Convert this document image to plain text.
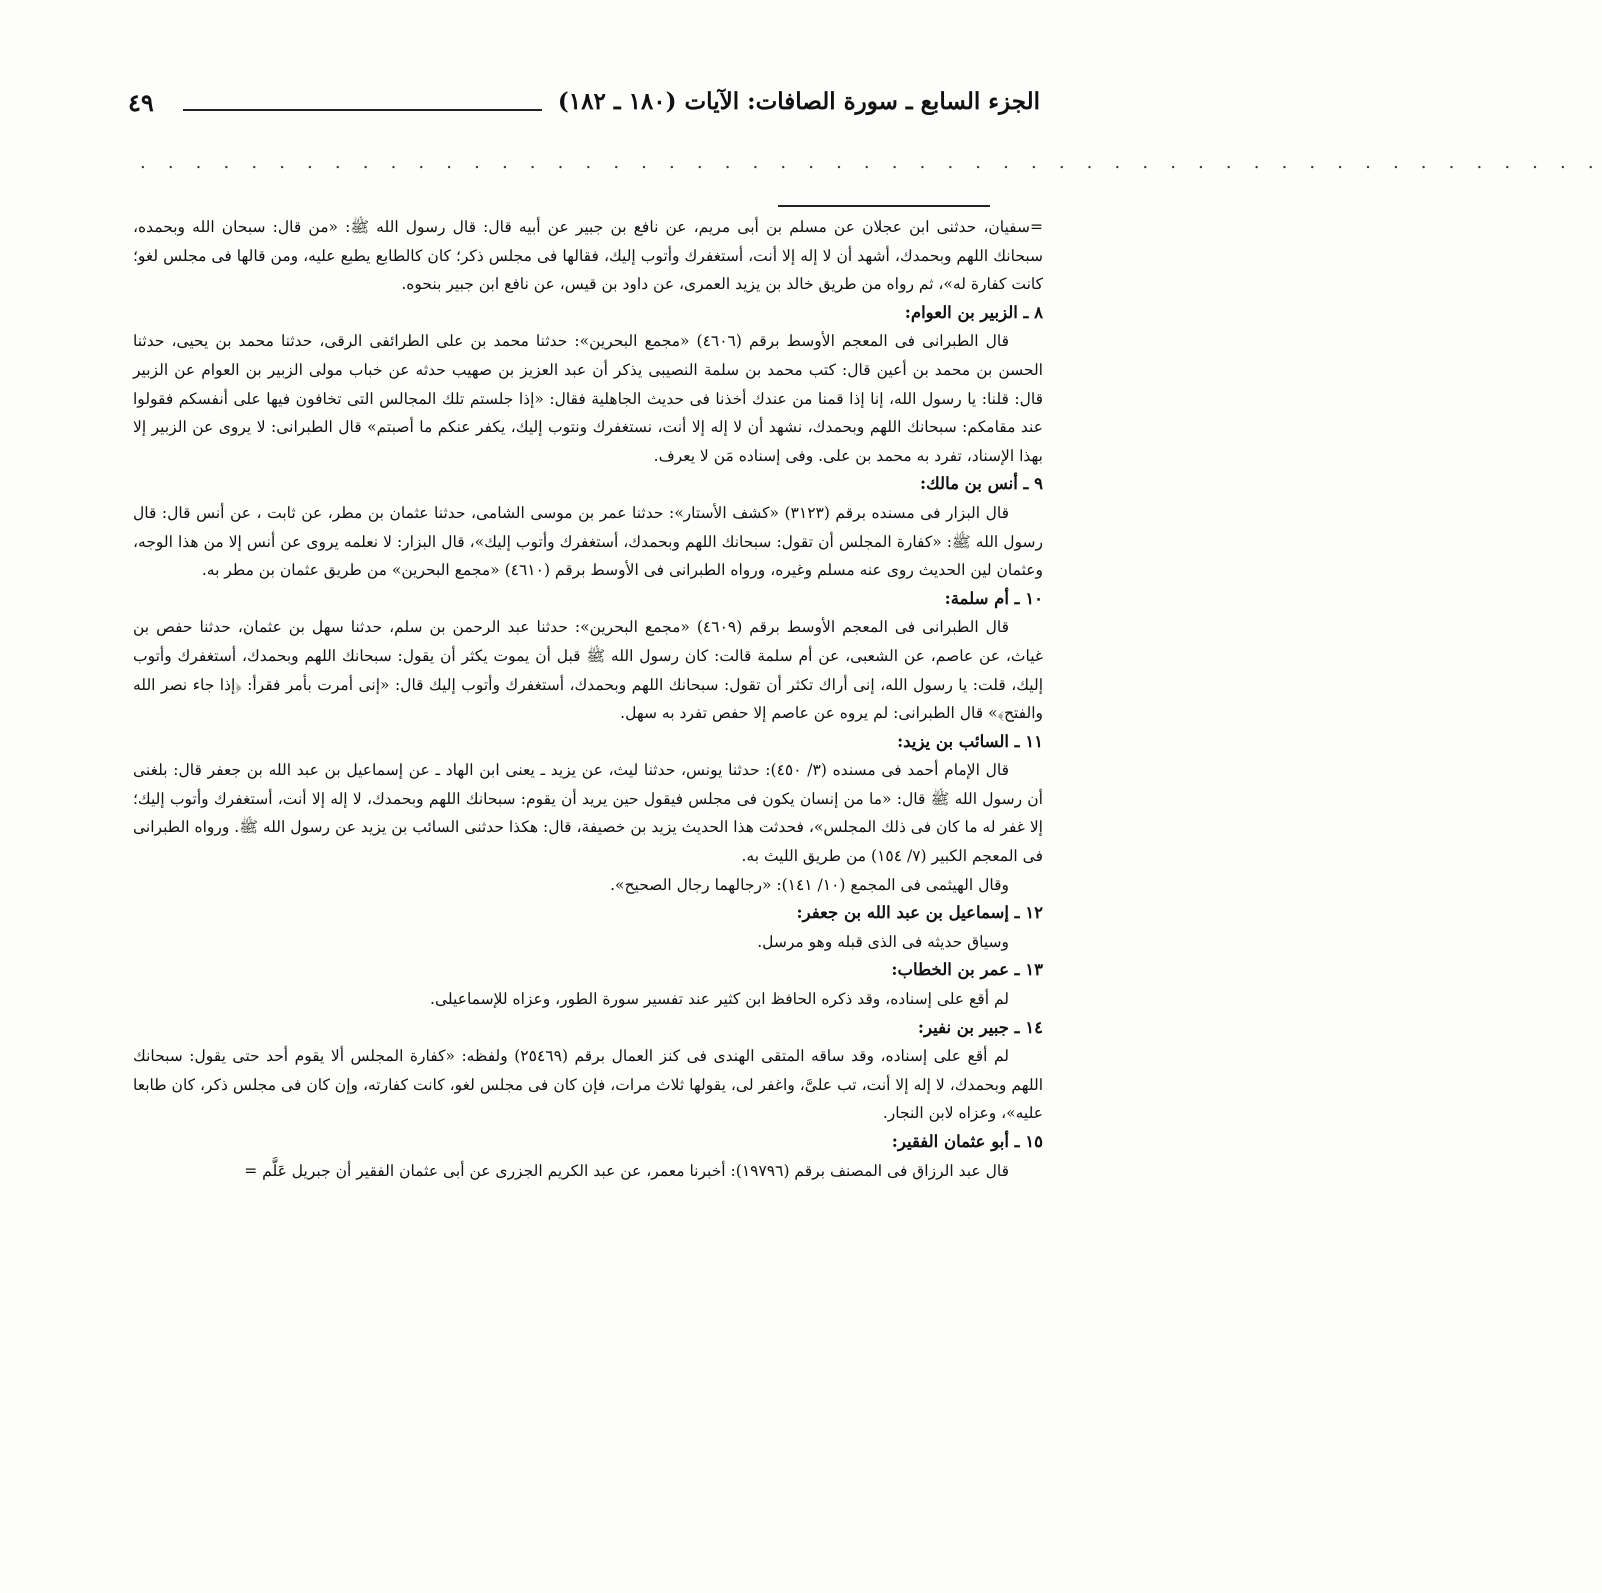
الجزء السابع ـ سورة الصافات: الآيات (١٨٠ ـ ١٨٢)
٤٩
. . . . . . . . . . . . . . . . . . . . . . . . . . . . . . . . . . . . . . . . . . . . . . . . . . . . .

=سفيان، حدثنى ابن عجلان عن مسلم بن أبى مريم، عن نافع بن جبير عن أبيه قال: قال رسول الله ﷺ: «من قال: سبحان الله وبحمده، سبحانك اللهم وبحمدك، أشهد أن لا إله إلا أنت، أستغفرك وأتوب إليك، فقالها فى مجلس ذكر؛ كان كالطابع يطبع عليه، ومن قالها فى مجلس لغو؛ كانت كفارة له»، ثم رواه من طريق خالد بن يزيد العمرى، عن داود بن قيس، عن نافع ابن جبير بنحوه.

٨ ـ الزبير بن العوام:

قال الطبرانى فى المعجم الأوسط برقم (٤٦٠٦) «مجمع البحرين»: حدثنا محمد بن على الطرائفى الرقى، حدثنا محمد بن يحيى، حدثنا الحسن بن محمد بن أعين قال: كتب محمد بن سلمة النصيبى يذكر أن عبد العزيز بن صهيب حدثه عن خباب مولى الزبير بن العوام عن الزبير قال: قلنا: يا رسول الله، إنا إذا قمنا من عندك أخذنا فى حديث الجاهلية فقال: «إذا جلستم تلك المجالس التى تخافون فيها على أنفسكم فقولوا عند مقامكم: سبحانك اللهم وبحمدك، نشهد أن لا إله إلا أنت، نستغفرك ونتوب إليك، يكفر عنكم ما أصبتم» قال الطبرانى: لا يروى عن الزبير إلا بهذا الإسناد، تفرد به محمد بن على. وفى إسناده مَن لا يعرف.

٩ ـ أنس بن مالك:

قال البزار فى مسنده برقم (٣١٢٣) «كشف الأستار»: حدثنا عمر بن موسى الشامى، حدثنا عثمان بن مطر، عن ثابت ، عن أنس قال: قال رسول الله ﷺ: «كفارة المجلس أن تقول: سبحانك اللهم وبحمدك، أستغفرك وأتوب إليك»، قال البزار: لا نعلمه يروى عن أنس إلا من هذا الوجه، وعثمان لين الحديث روى عنه مسلم وغيره، ورواه الطبرانى فى الأوسط برقم (٤٦١٠) «مجمع البحرين» من طريق عثمان بن مطر به.

١٠ ـ أم سلمة:

قال الطبرانى فى المعجم الأوسط برقم (٤٦٠٩) «مجمع البحرين»: حدثنا عبد الرحمن بن سلم، حدثنا سهل بن عثمان، حدثنا حفص بن غياث، عن عاصم، عن الشعبى، عن أم سلمة قالت: كان رسول الله ﷺ قبل أن يموت يكثر أن يقول: سبحانك اللهم وبحمدك، أستغفرك وأتوب إليك، قلت: يا رسول الله، إنى أراك تكثر أن تقول: سبحانك اللهم وبحمدك، أستغفرك وأتوب إليك قال: «إنى أمرت بأمر فقرأ: ﴿إذا جاء نصر الله والفتح﴾» قال الطبرانى: لم يروه عن عاصم إلا حفص تفرد به سهل.

١١ ـ السائب بن يزيد:

قال الإمام أحمد فى مسنده (٣/ ٤٥٠): حدثنا يونس، حدثنا ليث، عن يزيد ـ يعنى ابن الهاد ـ عن إسماعيل بن عبد الله بن جعفر قال: بلغنى أن رسول الله ﷺ قال: «ما من إنسان يكون فى مجلس فيقول حين يريد أن يقوم: سبحانك اللهم وبحمدك، لا إله إلا أنت، أستغفرك وأتوب إليك؛ إلا غفر له ما كان فى ذلك المجلس»، فحدثت هذا الحديث يزيد بن خصيفة، قال: هكذا حدثنى السائب بن يزيد عن رسول الله ﷺ. ورواه الطبرانى فى المعجم الكبير (٧/ ١٥٤) من طريق الليث به.

وقال الهيثمى فى المجمع (١٠/ ١٤١): «رجالهما رجال الصحيح».

١٢ ـ إسماعيل بن عبد الله بن جعفر:

وسياق حديثه فى الذى قبله وهو مرسل.

١٣ ـ عمر بن الخطاب:

لم أقع على إسناده، وقد ذكره الحافظ ابن كثير عند تفسير سورة الطور، وعزاه للإسماعيلى.

١٤ ـ جبير بن نفير:

لم أقع على إسناده، وقد ساقه المتقى الهندى فى كنز العمال برقم (٢٥٤٦٩) ولفظه: «كفارة المجلس ألا يقوم أحد حتى يقول: سبحانك اللهم وبحمدك، لا إله إلا أنت، تب علىَّ، واغفر لى، يقولها ثلاث مرات، فإن كان فى مجلس لغو، كانت كفارته، وإن كان فى مجلس ذكر، كان طابعا عليه»، وعزاه لابن النجار.

١٥ ـ أبو عثمان الفقير:

قال عبد الرزاق فى المصنف برقم (١٩٧٩٦): أخبرنا معمر، عن عبد الكريم الجزرى عن أبى عثمان الفقير أن جبريل عَلَّم =
